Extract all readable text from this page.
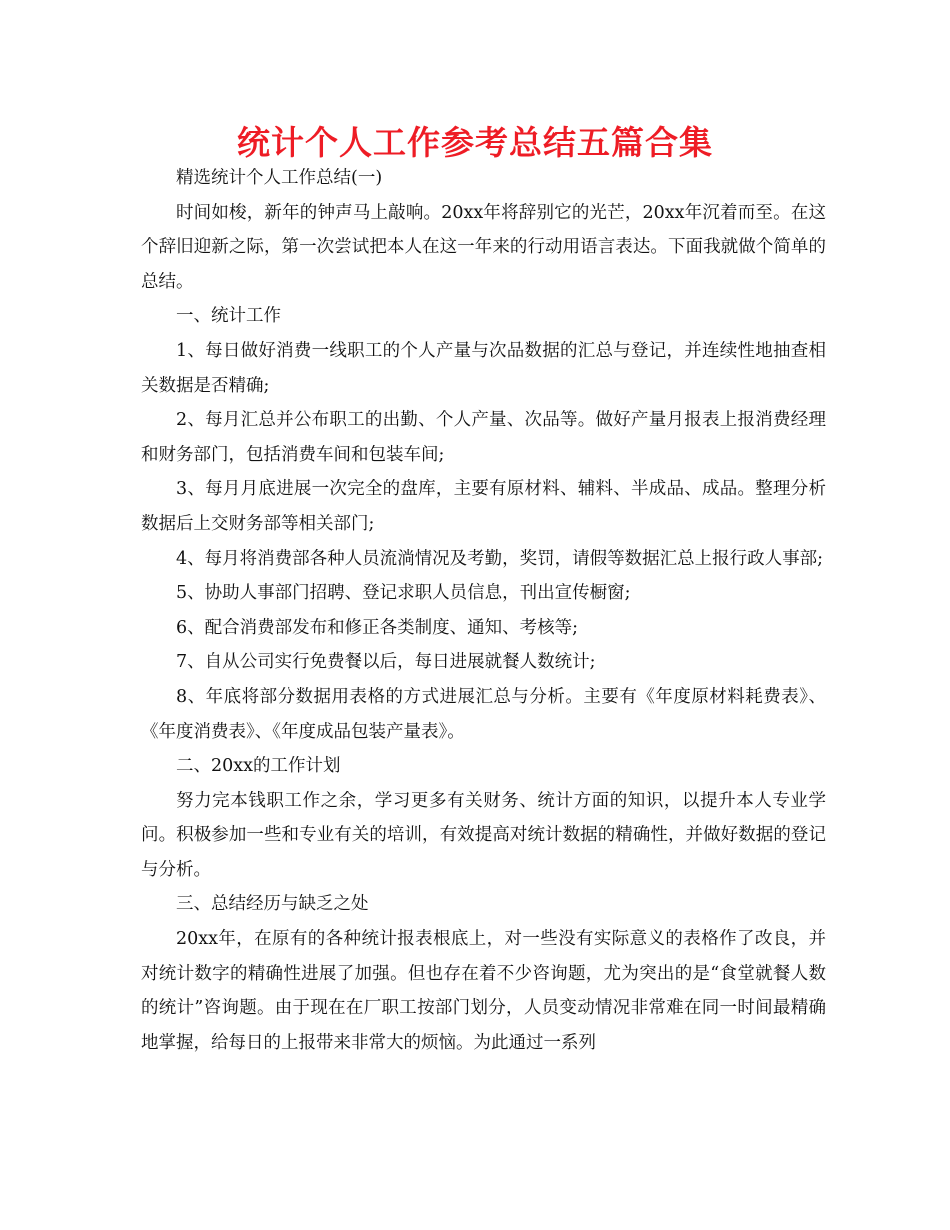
统计个人工作参考总结五篇合集

精选统计个人工作总结(一)

时间如梭，新年的钟声马上敲响。20xx年将辞别它的光芒，20xx年沉着而至。在这个辞旧迎新之际，第一次尝试把本人在这一年来的行动用语言表达。下面我就做个简单的总结。

一、统计工作

1、每日做好消费一线职工的个人产量与次品数据的汇总与登记，并连续性地抽查相关数据是否精确;

2、每月汇总并公布职工的出勤、个人产量、次品等。做好产量月报表上报消费经理和财务部门，包括消费车间和包装车间;

3、每月月底进展一次完全的盘库，主要有原材料、辅料、半成品、成品。整理分析数据后上交财务部等相关部门;

4、每月将消费部各种人员流淌情况及考勤，奖罚，请假等数据汇总上报行政人事部;

5、协助人事部门招聘、登记求职人员信息，刊出宣传橱窗;

6、配合消费部发布和修正各类制度、通知、考核等;

7、自从公司实行免费餐以后，每日进展就餐人数统计;

8、年底将部分数据用表格的方式进展汇总与分析。主要有《年度原材料耗费表》、《年度消费表》、《年度成品包装产量表》。

二、20xx的工作计划

努力完本钱职工作之余，学习更多有关财务、统计方面的知识，以提升本人专业学问。积极参加一些和专业有关的培训，有效提高对统计数据的精确性，并做好数据的登记与分析。

三、总结经历与缺乏之处

20xx年，在原有的各种统计报表根底上，对一些没有实际意义的表格作了改良，并对统计数字的精确性进展了加强。但也存在着不少咨询题，尤为突出的是“食堂就餐人数的统计”咨询题。由于现在在厂职工按部门划分，人员变动情况非常难在同一时间最精确地掌握，给每日的上报带来非常大的烦恼。为此通过一系列
